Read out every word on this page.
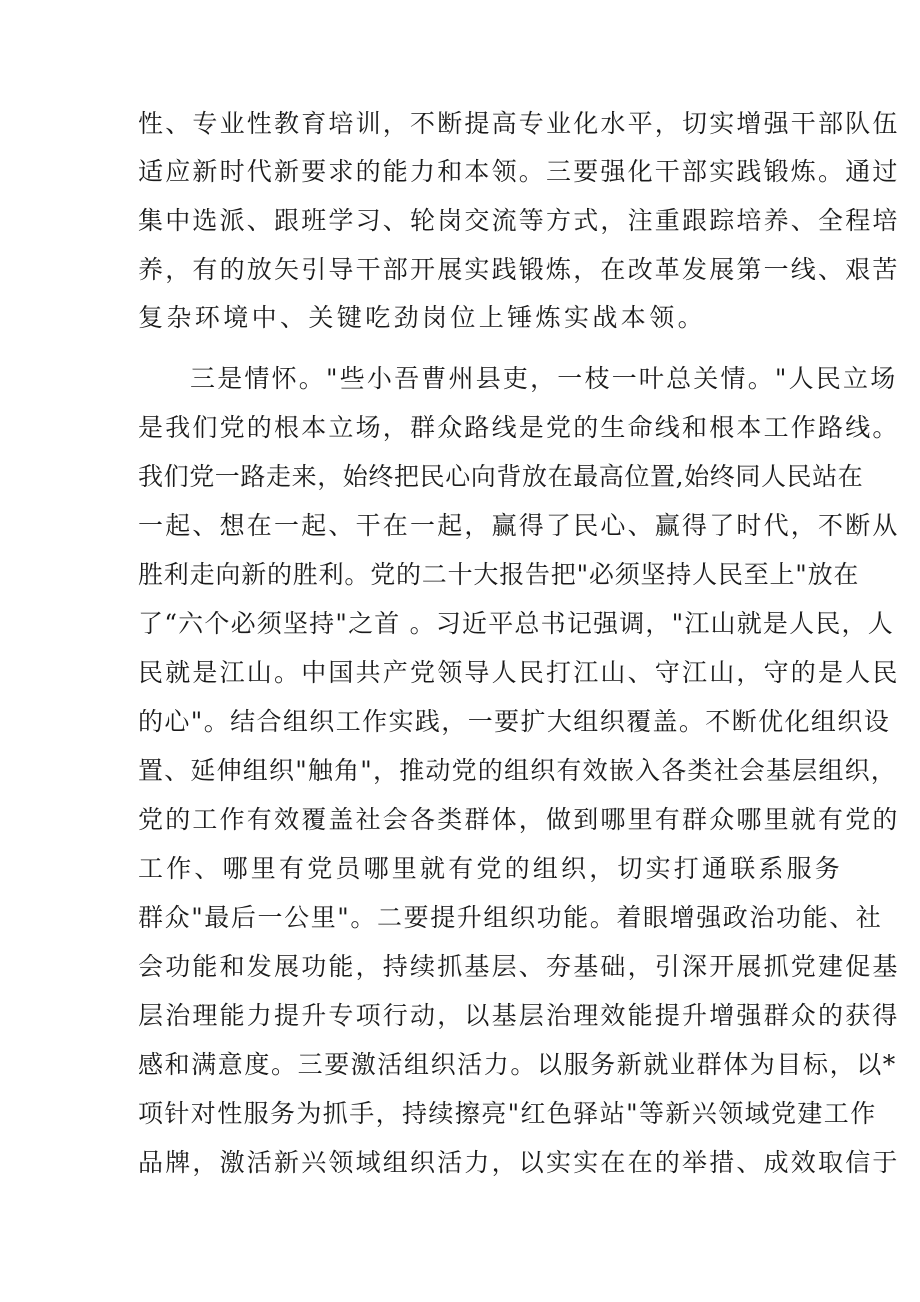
性、专业性教育培训，不断提高专业化水平，切实增强干部队伍
适应新时代新要求的能力和本领。三要强化干部实践锻炼。通过
集中选派、跟班学习、轮岗交流等方式，注重跟踪培养、全程培
养，有的放矢引导干部开展实践锻炼，在改革发展第一线、艰苦
复杂环境中、关键吃劲岗位上锤炼实战本领。
三是情怀。"些小吾曹州县吏，一枝一叶总关情。"人民立场
是我们党的根本立场，群众路线是党的生命线和根本工作路线。
我们党一路走来，始终把民心向背放在最高位置,始终同人民站在
一起、想在一起、干在一起，赢得了民心、赢得了时代，不断从
胜利走向新的胜利。党的二十大报告把"必须坚持人民至上"放在
了“六个必须坚持"之首 。习近平总书记强调，"江山就是人民，人
民就是江山。中国共产党领导人民打江山、守江山，守的是人民
的心"。结合组织工作实践，一要扩大组织覆盖。不断优化组织设
置、延伸组织"触角"，推动党的组织有效嵌入各类社会基层组织，
党的工作有效覆盖社会各类群体，做到哪里有群众哪里就有党的
工作、哪里有党员哪里就有党的组织，切实打通联系服务
群众"最后一公里"。二要提升组织功能。着眼增强政治功能、社
会功能和发展功能，持续抓基层、夯基础，引深开展抓党建促基
层治理能力提升专项行动，以基层治理效能提升增强群众的获得
感和满意度。三要激活组织活力。以服务新就业群体为目标，以*
项针对性服务为抓手，持续擦亮"红色驿站"等新兴领域党建工作
品牌，激活新兴领域组织活力，以实实在在的举措、成效取信于
